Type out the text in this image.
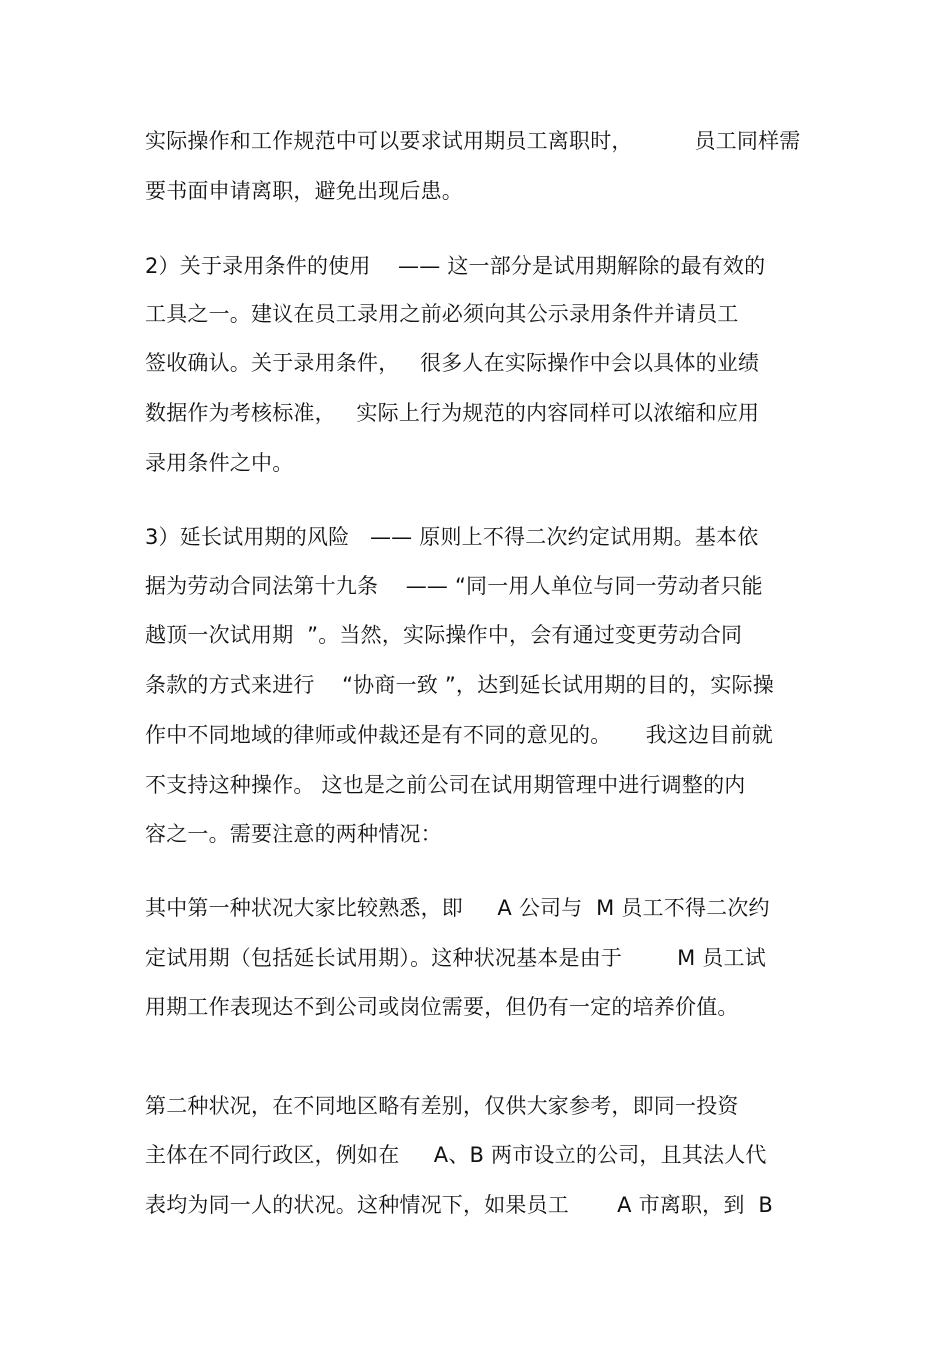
实际操作和工作规范中可以要求试用期员工离职时，         员工同样需
要书面申请离职，避免出现后患。
2）关于录用条件的使用    —— 这一部分是试用期解除的最有效的
工具之一。建议在员工录用之前必须向其公示录用条件并请员工
签收确认。关于录用条件，   很多人在实际操作中会以具体的业绩
数据作为考核标准，   实际上行为规范的内容同样可以浓缩和应用
录用条件之中。
3）延长试用期的风险   —— 原则上不得二次约定试用期。基本依
据为劳动合同法第十九条    —— “同一用人单位与同一劳动者只能
越顶一次试用期  ”。当然，实际操作中，会有通过变更劳动合同
条款的方式来进行    “协商一致 ”，达到延长试用期的目的，实际操
作中不同地域的律师或仲裁还是有不同的意见的。     我这边目前就
不支持这种操作。 这也是之前公司在试用期管理中进行调整的内
容之一。需要注意的两种情况：
其中第一种状况大家比较熟悉，即     A 公司与  M 员工不得二次约
定试用期（包括延长试用期）。这种状况基本是由于        M 员工试
用期工作表现达不到公司或岗位需要，但仍有一定的培养价值。
第二种状况，在不同地区略有差别，仅供大家参考，即同一投资
主体在不同行政区，例如在     A、B 两市设立的公司，且其法人代
表均为同一人的状况。这种情况下，如果员工       A 市离职，到  B
